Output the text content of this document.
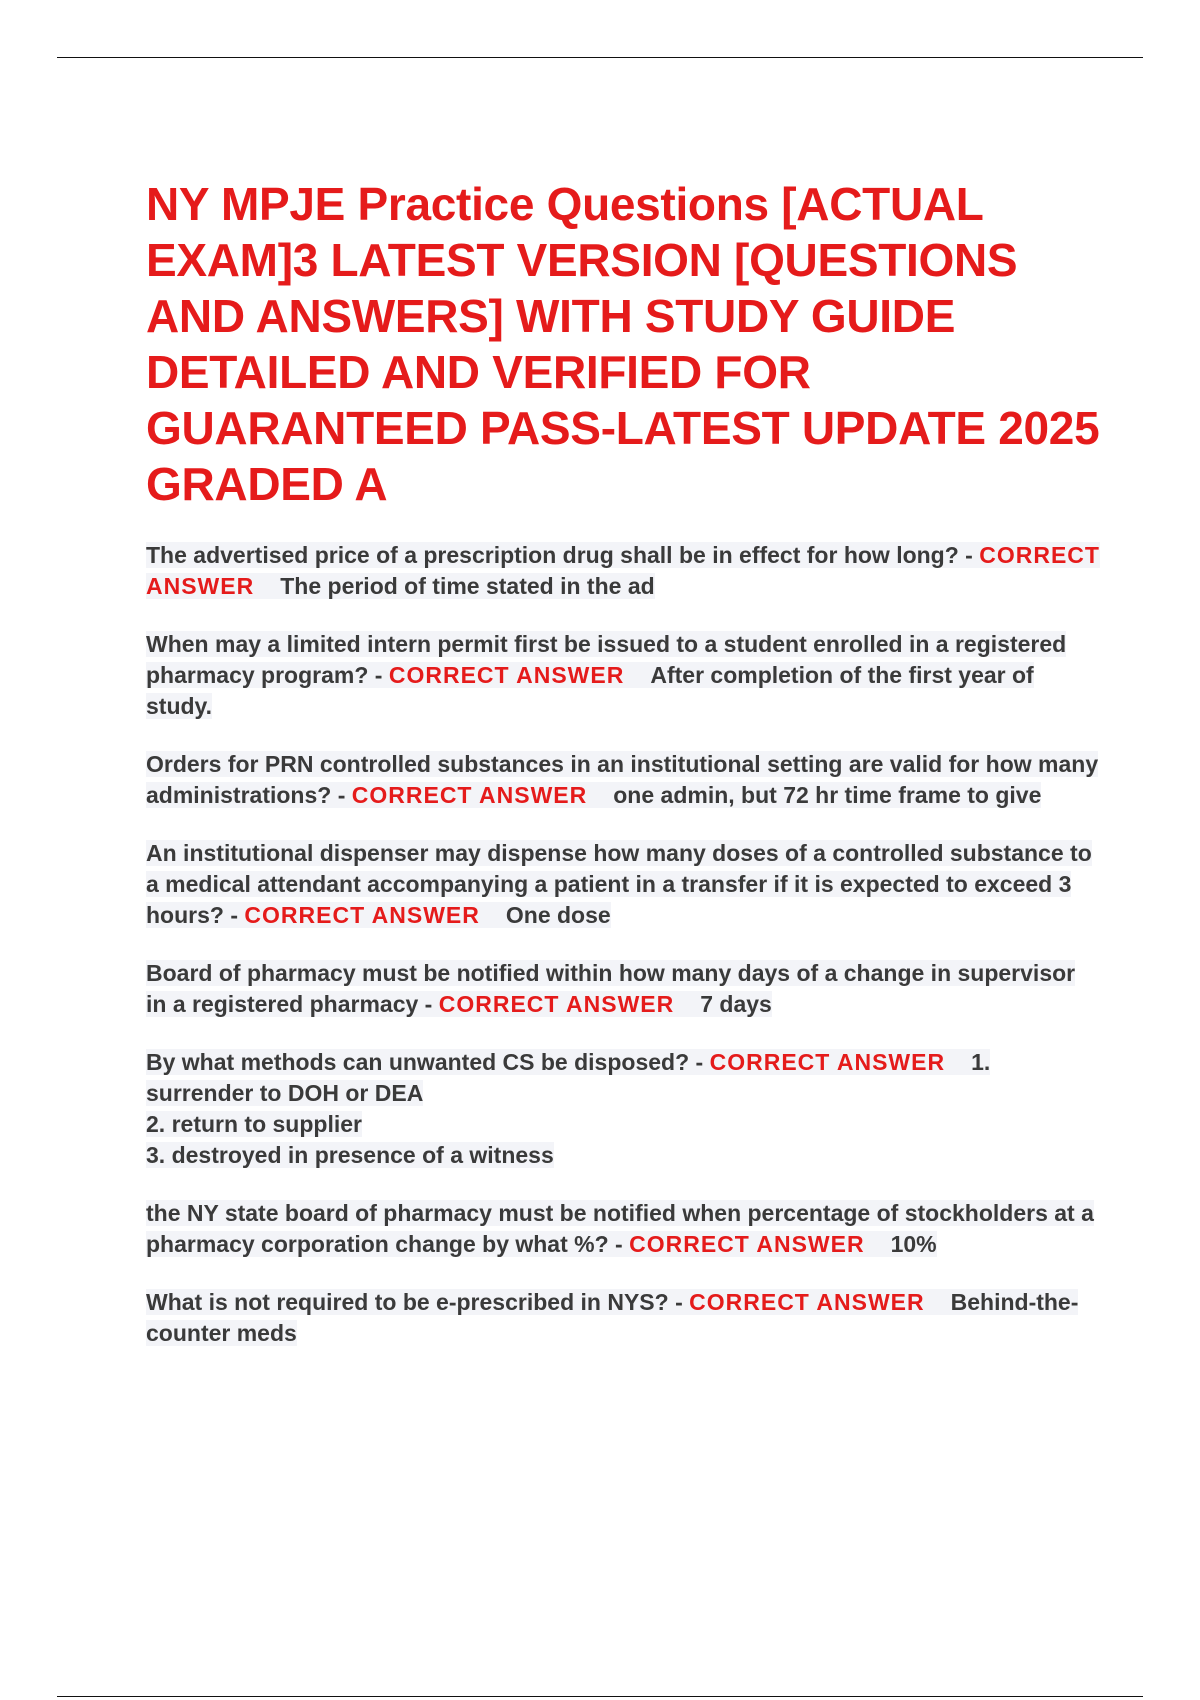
NY MPJE Practice Questions [ACTUAL EXAM]3 LATEST VERSION [QUESTIONS AND ANSWERS] WITH STUDY GUIDE DETAILED AND VERIFIED FOR GUARANTEED PASS-LATEST UPDATE 2025 GRADED A
The advertised price of a prescription drug shall be in effect for how long? - CORRECT ANSWER The period of time stated in the ad
When may a limited intern permit first be issued to a student enrolled in a registered pharmacy program? - CORRECT ANSWER After completion of the first year of study.
Orders for PRN controlled substances in an institutional setting are valid for how many administrations? - CORRECT ANSWER one admin, but 72 hr time frame to give
An institutional dispenser may dispense how many doses of a controlled substance to a medical attendant accompanying a patient in a transfer if it is expected to exceed 3 hours? - CORRECT ANSWER One dose
Board of pharmacy must be notified within how many days of a change in supervisor in a registered pharmacy - CORRECT ANSWER 7 days
By what methods can unwanted CS be disposed? - CORRECT ANSWER 1. surrender to DOH or DEA
2. return to supplier
3. destroyed in presence of a witness
the NY state board of pharmacy must be notified when percentage of stockholders at a pharmacy corporation change by what %? - CORRECT ANSWER 10%
What is not required to be e-prescribed in NYS? - CORRECT ANSWER Behind-the-counter meds
